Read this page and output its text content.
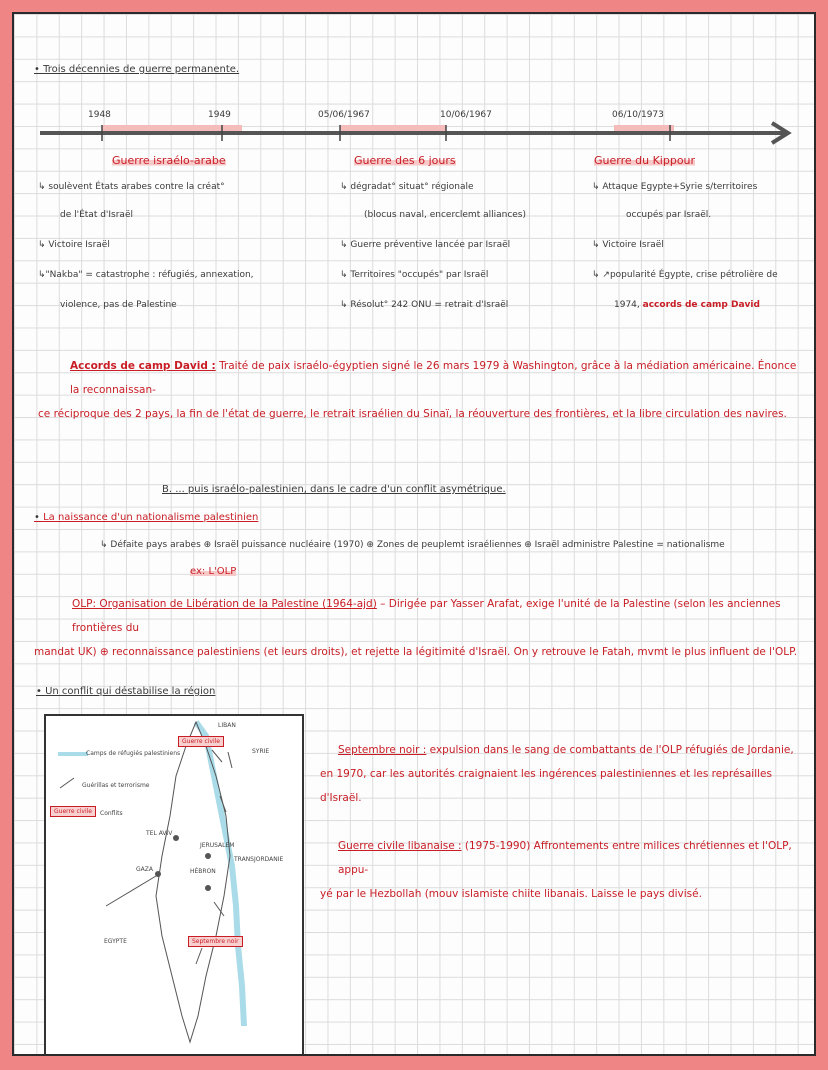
• Trois décennies de guerre permanente.
1948	1949	05/06/1967	10/06/1967	06/10/1973
Guerre israélo-arabe
↳ soulèvent États arabes contre la créat°
de l'État d'Israël
↳ Victoire Israël
↳"Nakba" = catastrophe : réfugiés, annexation,
violence, pas de Palestine
Guerre des 6 jours
↳ dégradat° situat° régionale
(blocus naval, encerclemt alliances)
↳ Guerre préventive lancée par Israël
↳ Territoires "occupés" par Israël
↳ Résolut° 242 ONU = retrait d'Israël
Guerre du Kippour
↳ Attaque Egypte+Syrie s/territoires
occupés par Israël.
↳ Victoire Israël
↳ ↗popularité Égypte, crise pétrolière de
1974, accords de camp David
Accords de camp David : Traité de paix israélo-égyptien signé le 26 mars 1979 à Washington, grâce à la médiation américaine. Énonce la reconnaissan-
ce réciproque des 2 pays, la fin de l'état de guerre, le retrait israélien du Sinaï, la réouverture des frontières, et la libre circulation des navires.
B. ... puis israélo-palestinien, dans le cadre d'un conflit asymétrique.
• La naissance d'un nationalisme palestinien
↳ Défaite pays arabes ⊕ Israël puissance nucléaire (1970) ⊕ Zones de peuplemt israéliennes ⊕ Israël administre Palestine = nationalisme
ex: L'OLP
OLP: Organisation de Libération de la Palestine (1964-ajd) – Dirigée par Yasser Arafat, exige l'unité de la Palestine (selon les anciennes frontières du
mandat UK) ⊕ reconnaissance palestiniens (et leurs droits), et rejette la légitimité d'Israël. On y retrouve le Fatah, mvmt le plus influent de l'OLP.
• Un conflit qui déstabilise la région
LIBAN
SYRIE
Guerre civile
Camps de réfugiés palestiniens
Guérillas et terrorisme
Guerre civile	Conflits
TEL AVIV
JERUSALEM
GAZA
TRANSJORDANIE
HÉBRON
EGYPTE	Septembre noir
Septembre noir : expulsion dans le sang de combattants de l'OLP réfugiés de Jordanie,
en 1970, car les autorités craignaient les ingérences palestiniennes et les représailles d'Israël.
Guerre civile libanaise : (1975-1990) Affrontements entre milices chrétiennes et l'OLP, appu-
yé par le Hezbollah (mouv islamiste chiite libanais. Laisse le pays divisé.
